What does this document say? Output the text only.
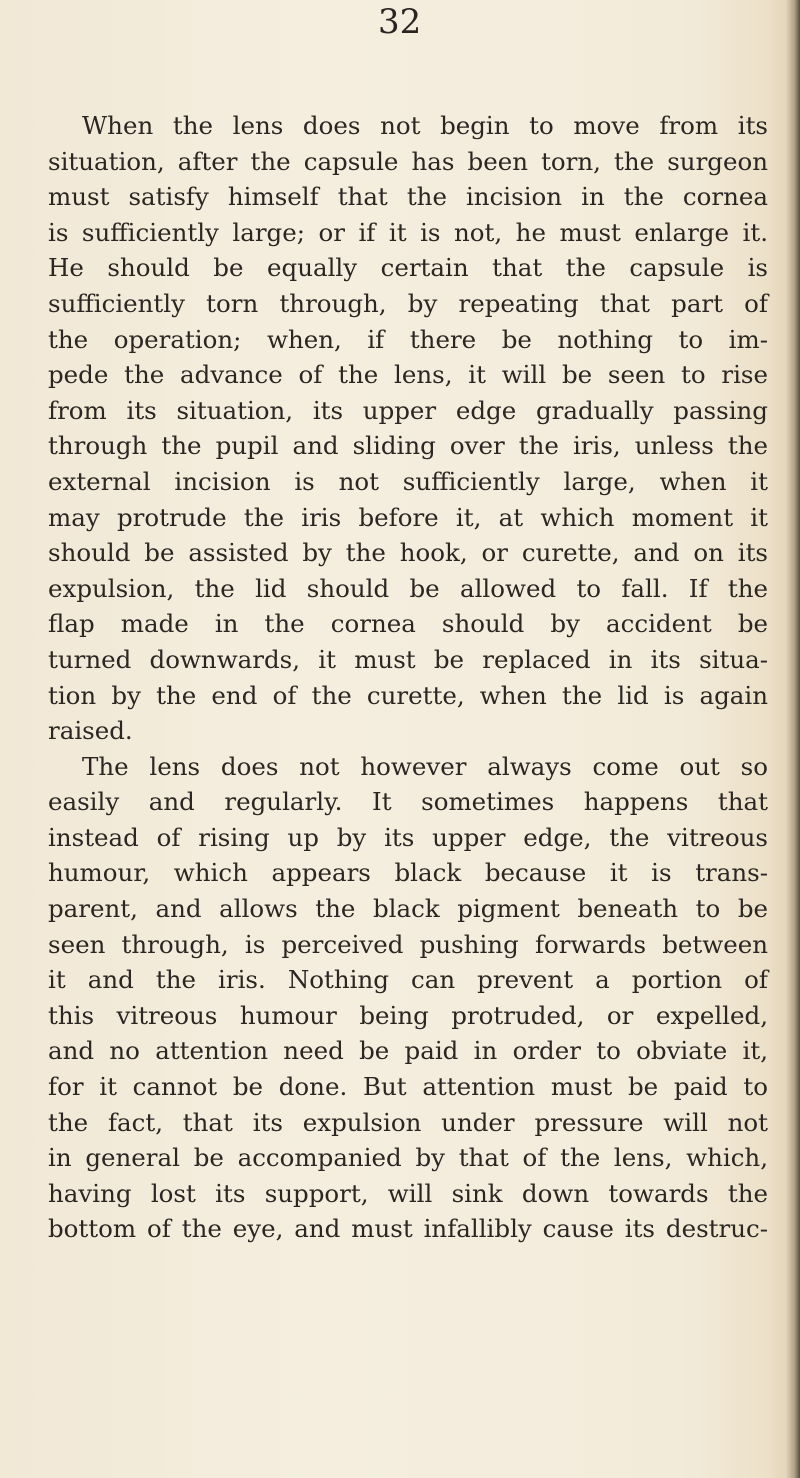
32
When the lens does not begin to move from its
situation, after the capsule has been torn, the surgeon
must satisfy himself that the incision in the cornea
is sufficiently large; or if it is not, he must enlarge it.
He should be equally certain that the capsule is
sufficiently torn through, by repeating that part of
the operation; when, if there be nothing to im-
pede the advance of the lens, it will be seen to rise
from its situation, its upper edge gradually passing
through the pupil and sliding over the iris, unless the
external incision is not sufficiently large, when it
may protrude the iris before it, at which moment it
should be assisted by the hook, or curette, and on its
expulsion, the lid should be allowed to fall. If the
flap made in the cornea should by accident be
turned downwards, it must be replaced in its situa-
tion by the end of the curette, when the lid is again
raised.
The lens does not however always come out so
easily and regularly. It sometimes happens that
instead of rising up by its upper edge, the vitreous
humour, which appears black because it is trans-
parent, and allows the black pigment beneath to be
seen through, is perceived pushing forwards between
it and the iris. Nothing can prevent a portion of
this vitreous humour being protruded, or expelled,
and no attention need be paid in order to obviate it,
for it cannot be done. But attention must be paid to
the fact, that its expulsion under pressure will not
in general be accompanied by that of the lens, which,
having lost its support, will sink down towards the
bottom of the eye, and must infallibly cause its destruc-
